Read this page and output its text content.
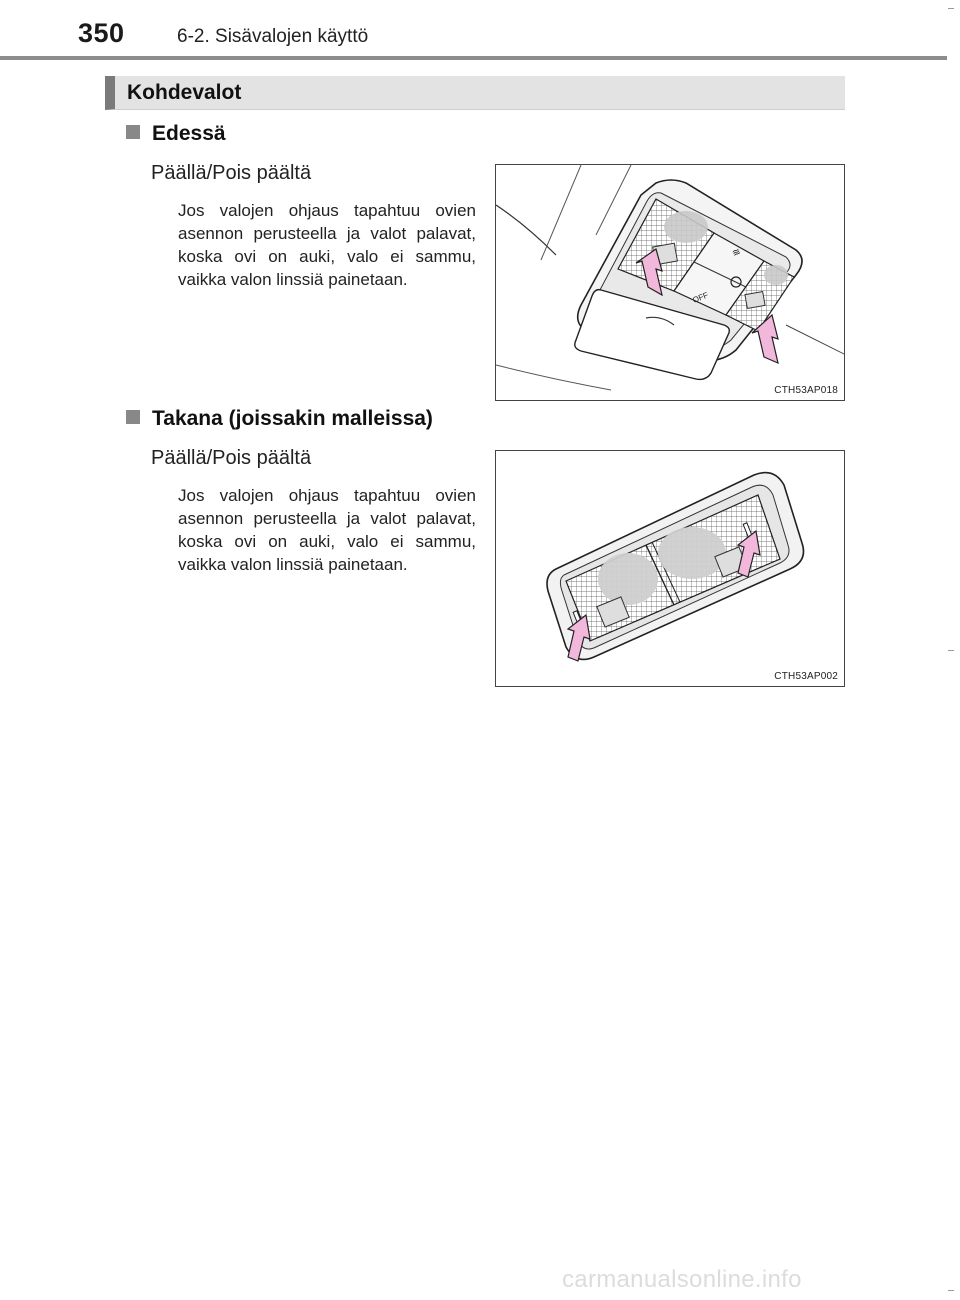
350	6-2. Sisävalojen käyttö
Kohdevalot
Edessä
Päällä/Pois päältä
Jos valojen ohjaus tapahtuu ovien asennon perusteella ja valot palavat, koska ovi on auki, valo ei sammu, vaikka valon linssiä painetaan.
≋
OFF
CTH53AP018
Takana (joissakin malleissa)
Päällä/Pois päältä
Jos valojen ohjaus tapahtuu ovien asennon perusteella ja valot palavat, koska ovi on auki, valo ei sammu, vaikka valon linssiä painetaan.
CTH53AP002
carmanualsonline.info
